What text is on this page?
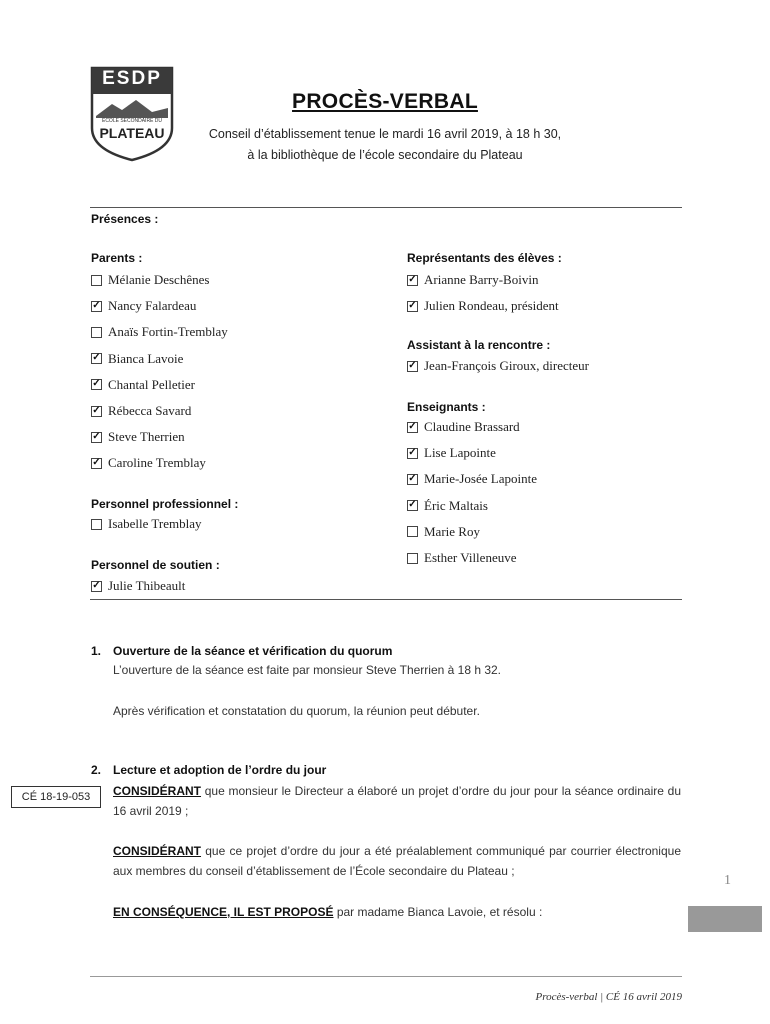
ESDP
ÉCOLE SECONDAIRE DU
PLATEAU
PROCÈS-VERBAL
Conseil d’établissement tenue le mardi 16 avril 2019, à 18 h 30,
à la bibliothèque de l’école secondaire du Plateau
Présences :
Parents :
Mélanie Deschênes
✓
Nancy Falardeau
Anaïs Fortin-Tremblay
✓
Bianca Lavoie
✓
Chantal Pelletier
✓
Rébecca Savard
✓
Steve Therrien
✓
Caroline Tremblay
Personnel professionnel :
Isabelle Tremblay
Personnel de soutien :
✓
Julie Thibeault
Représentants des élèves :
✓
Arianne Barry-Boivin
✓
Julien Rondeau, président
Assistant à la rencontre :
✓
Jean-François Giroux, directeur
Enseignants :
✓
Claudine Brassard
✓
Lise Lapointe
✓
Marie-Josée Lapointe
✓
Éric Maltais
Marie Roy
Esther Villeneuve
1. Ouverture de la séance et vérification du quorum
L’ouverture de la séance est faite par monsieur Steve Therrien à 18 h 32.
Après vérification et constatation du quorum, la réunion peut débuter.
2. Lecture et adoption de l’ordre du jour
CÉ 18-19-053	CONSIDÉRANT que monsieur le Directeur a élaboré un projet d’ordre du jour pour la séance ordinaire du 16 avril 2019 ;
CONSIDÉRANT que ce projet d’ordre du jour a été préalablement communiqué par courrier électronique aux membres du conseil d’établissement de l’École secondaire du Plateau ;
EN CONSÉQUENCE, IL EST PROPOSÉ par madame Bianca Lavoie, et résolu :
1
Procès-verbal | CÉ 16 avril 2019
